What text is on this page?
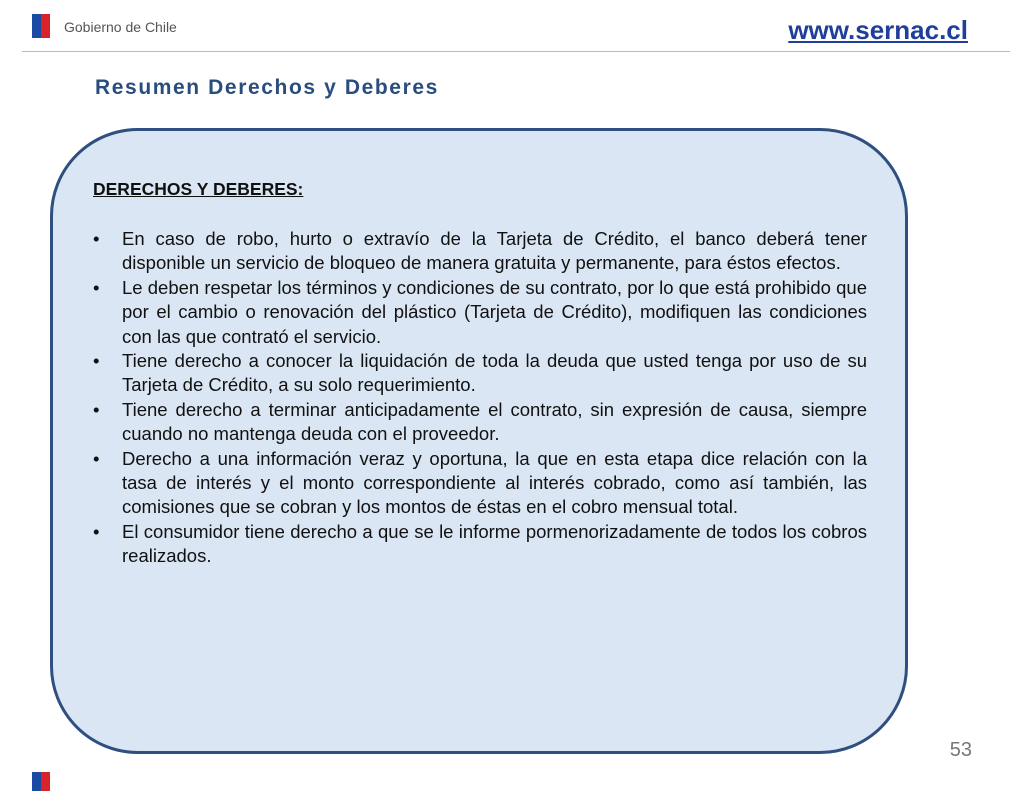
Gobierno de Chile	www.sernac.cl
Resumen Derechos y Deberes

DERECHOS Y DEBERES:

• En caso de robo, hurto o extravío de la Tarjeta de Crédito, el banco deberá tener disponible un servicio de bloqueo de manera gratuita y permanente, para éstos efectos.
• Le deben respetar los términos y condiciones de su contrato, por lo que está prohibido que por el cambio o renovación del plástico (Tarjeta de Crédito), modifiquen las condiciones con las que contrató el servicio.
• Tiene derecho a conocer la liquidación de toda la deuda que usted tenga por uso de su Tarjeta de Crédito, a su solo requerimiento.
• Tiene derecho a terminar anticipadamente el contrato, sin expresión de causa, siempre cuando no mantenga deuda con el proveedor.
• Derecho a una información veraz y oportuna, la que en esta etapa dice relación con la tasa de interés y el monto correspondiente al interés cobrado, como así también, las comisiones que se cobran y los montos de éstas en el cobro mensual total.
• El consumidor tiene derecho a que se le informe pormenorizadamente de todos los cobros realizados.
53
